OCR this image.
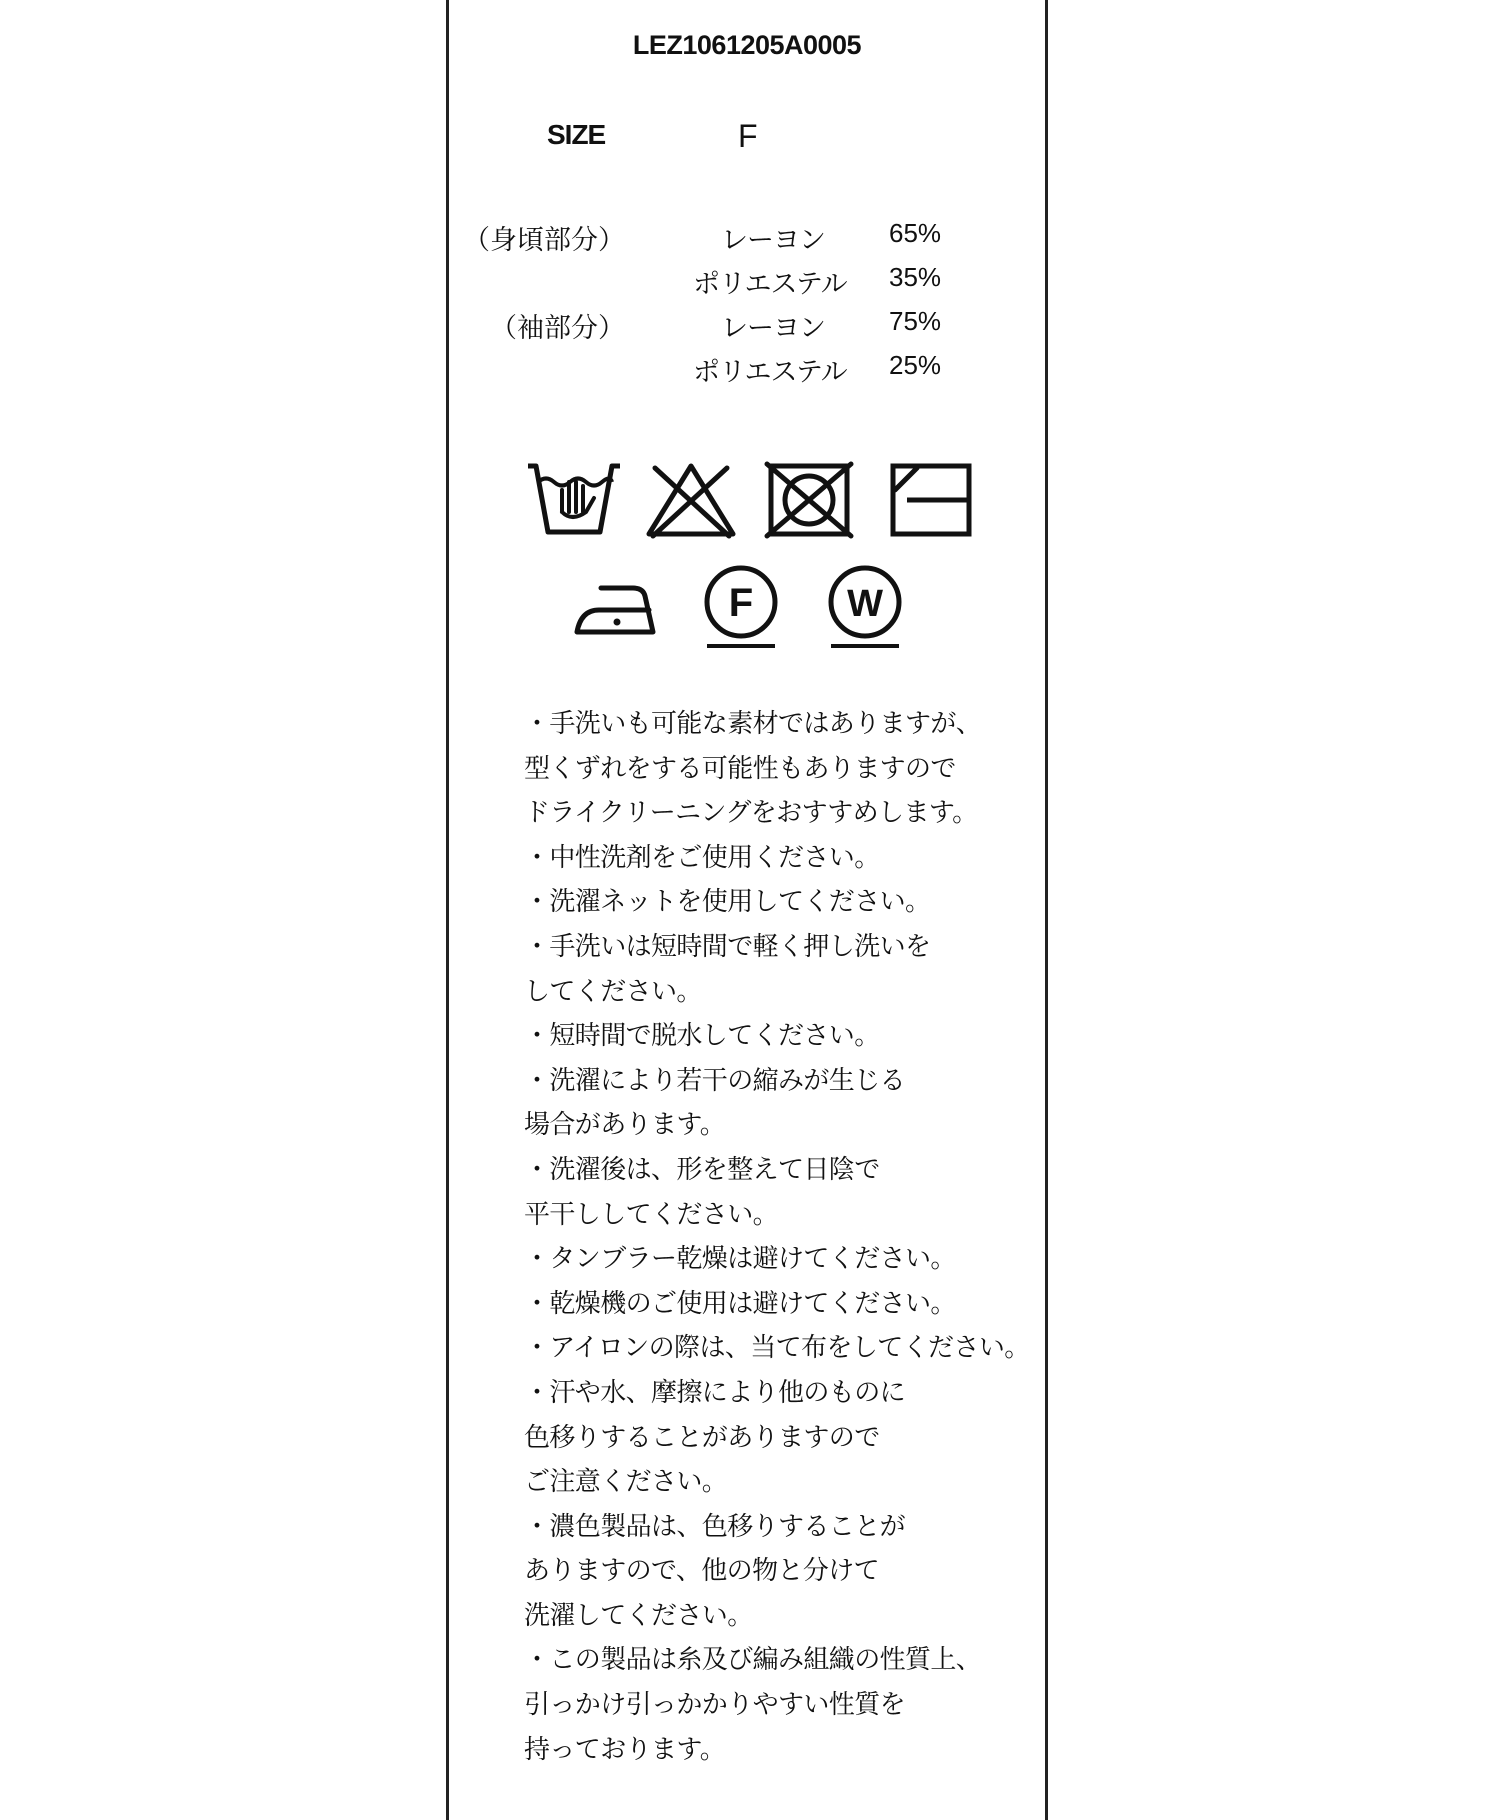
LEZ1061205A0005
SIZE	F
（身頃部分）	レーヨン 65%
ポリエステル 35%
（袖部分）	レーヨン 75%
ポリエステル 25%
F W
・手洗いも可能な素材ではありますが、
型くずれをする可能性もありますので
ドライクリーニングをおすすめします。
・中性洗剤をご使用ください。
・洗濯ネットを使用してください。
・手洗いは短時間で軽く押し洗いを
してください。
・短時間で脱水してください。
・洗濯により若干の縮みが生じる
場合があります。
・洗濯後は、形を整えて日陰で
平干ししてください。
・タンブラー乾燥は避けてください。
・乾燥機のご使用は避けてください。
・アイロンの際は、当て布をしてください。
・汗や水、摩擦により他のものに
色移りすることがありますので
ご注意ください。
・濃色製品は、色移りすることが
ありますので、他の物と分けて
洗濯してください。
・この製品は糸及び編み組織の性質上、
引っかけ引っかかりやすい性質を
持っております。
